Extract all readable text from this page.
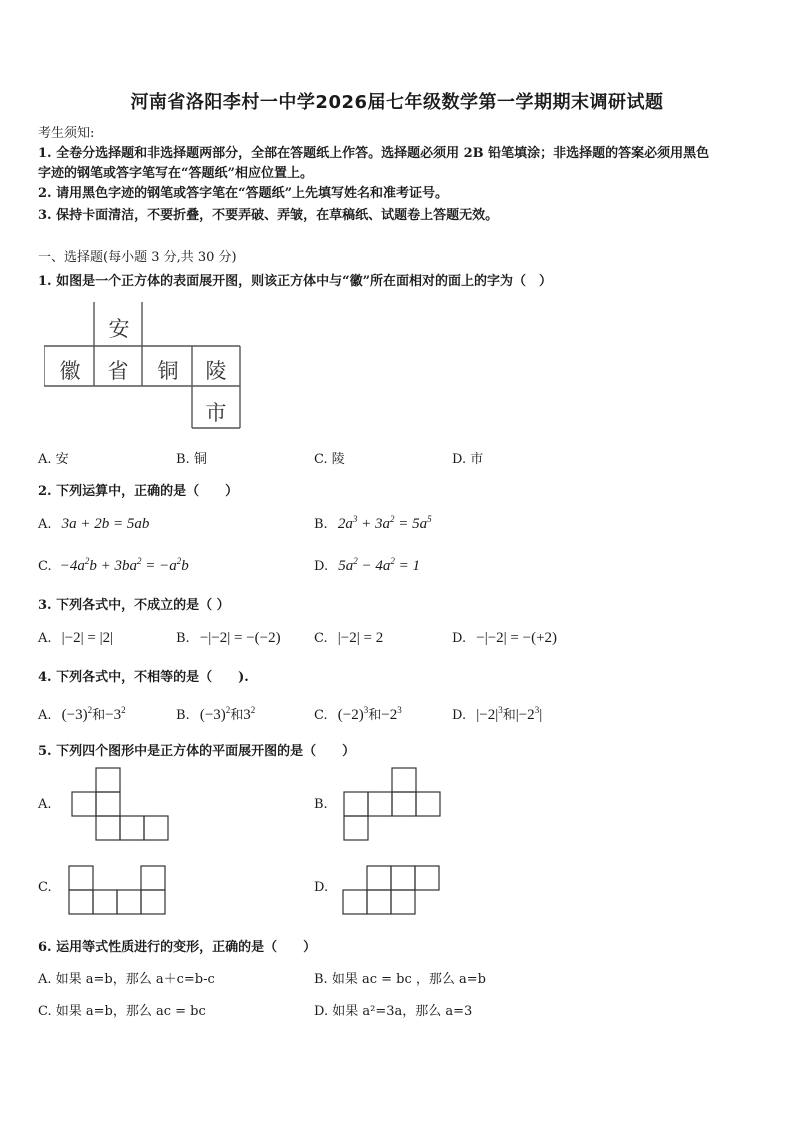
河南省洛阳李村一中学2026届七年级数学第一学期期末调研试题
考生须知:
1. 全卷分选择题和非选择题两部分，全部在答题纸上作答。选择题必须用 2B 铅笔填涂；非选择题的答案必须用黑色
字迹的钢笔或答字笔写在“答题纸”相应位置上。
2. 请用黑色字迹的钢笔或答字笔在“答题纸”上先填写姓名和准考证号。
3. 保持卡面清洁，不要折叠，不要弄破、弄皱，在草稿纸、试题卷上答题无效。
一、选择题(每小题 3 分,共 30 分)
1. 如图是一个正方体的表面展开图，则该正方体中与“徽”所在面相对的面上的字为（　）
安
徽 省 铜 陵
市
A. 安	B. 铜	C. 陵	D. 市
2. 下列运算中，正确的是（　　）
A. 3a + 2b = 5ab	B. $2a^3 + 3a^2 = 5a^5$
C. $-4a^2b + 3ba^2 = -a^2b$	D. $5a^2 - 4a^2 = 1$
3. 下列各式中，不成立的是（ ）
A. |−2| = |2|	B. −|−2| = −(−2)	C. |−2| = 2	D. −|−2| = −(+2)
4. 下列各式中，不相等的是（　　).
A. $(-3)^2$和$-3^2$	B. $(-3)^2$和$3^2$	C. $(-2)^3$和$-2^3$	D. $|-2|^3$和$|-2^3|$
5. 下列四个图形中是正方体的平面展开图的是（　　）
A.	B.
C.	D.
6. 运用等式性质进行的变形，正确的是（　　）
A. 如果 a=b，那么 a＋c=b-c	B. 如果 ac = bc ，那么 a=b
C. 如果 a=b，那么 ac = bc	D. 如果 a²=3a，那么 a=3
